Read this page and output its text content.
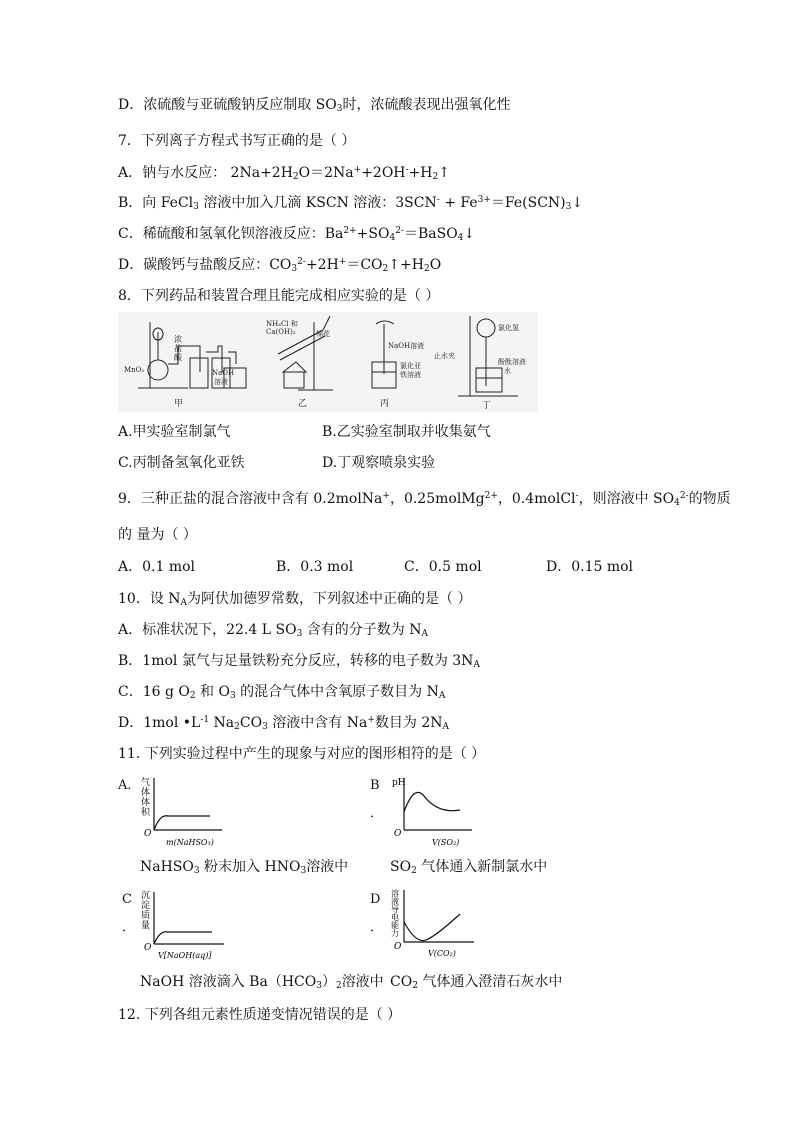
D．浓硫酸与亚硫酸钠反应制取 $SO_3$时，浓硫酸表现出强氧化性
7．下列离子方程式书写正确的是（ ）
A．钠与水反应： $2Na+2H_2O=2Na^++2OH^-+H_2↑$
B．向 FeCl$_3$ 溶液中加入几滴 KSCN 溶液：$3SCN^- + Fe^{3+}=Fe(SCN)_3↓$
C．稀硫酸和氢氧化钡溶液反应：$Ba^{2+}+SO_4^{2-}=BaSO_4↓$
D．碳酸钙与盐酸反应：$CO_3^{2-}+2H^+=CO_2↑+H_2O$
8．下列药品和装置合理且能完成相应实验的是（ ）
MnO₂
浓
盐
酸
NaOH
溶液
甲
NH₄Cl 和
Ca(OH)₂	棉花
乙
NaOH溶液
氯化亚
铁溶液
丙
氯化氢
止水夹
酚酞溶液
水
丁
A.甲实验室制氯气	B.乙实验室制取并收集氨气
C.丙制备氢氧化亚铁	D.丁观察喷泉实验
9．三种正盐的混合溶液中含有 0.2molNa+，0.25molMg$^{2+}$，0.4molCl-，则溶液中 $SO_4^{2-}$的物质
的 量为（ ）
A．0.1 mol	B．0.3 mol	C．0.5 mol	D．0.15 mol
10．设 $N_A$为阿伏加德罗常数，下列叙述中正确的是（ ）
A．标准状况下，22.4 L $SO_3$ 含有的分子数为 $N_A$
B．1mol 氯气与足量铁粉充分反应，转移的电子数为 $3N_A$
C．16 g $O_2$ 和 $O_3$ 的混合气体中含氧原子数目为 $N_A$
D．1mol $•L^{-1}$ $Na_2CO_3$ 溶液中含有 Na+数目为 $2N_A$
11. 下列实验过程中产生的现象与对应的图形相符的是（ ）
A． 气
体
体
积
O
m(NaHSO₃)
B
．
pH
O
V(SO₂)
NaHSO$_3$ 粉末加入 $HNO_3$溶液中	$SO_2$ 气体通入新制氯水中
C
．
沉
淀
质
量
O
V[NaOH(aq)]
D
．
溶
液
导
电
能
力
O
V(CO₂)
NaOH 溶液滴入 $Ba(HCO_3)_2$溶液中 $CO_2$ 气体通入澄清石灰水中
12. 下列各组元素性质递变情况错误的是（ ）
